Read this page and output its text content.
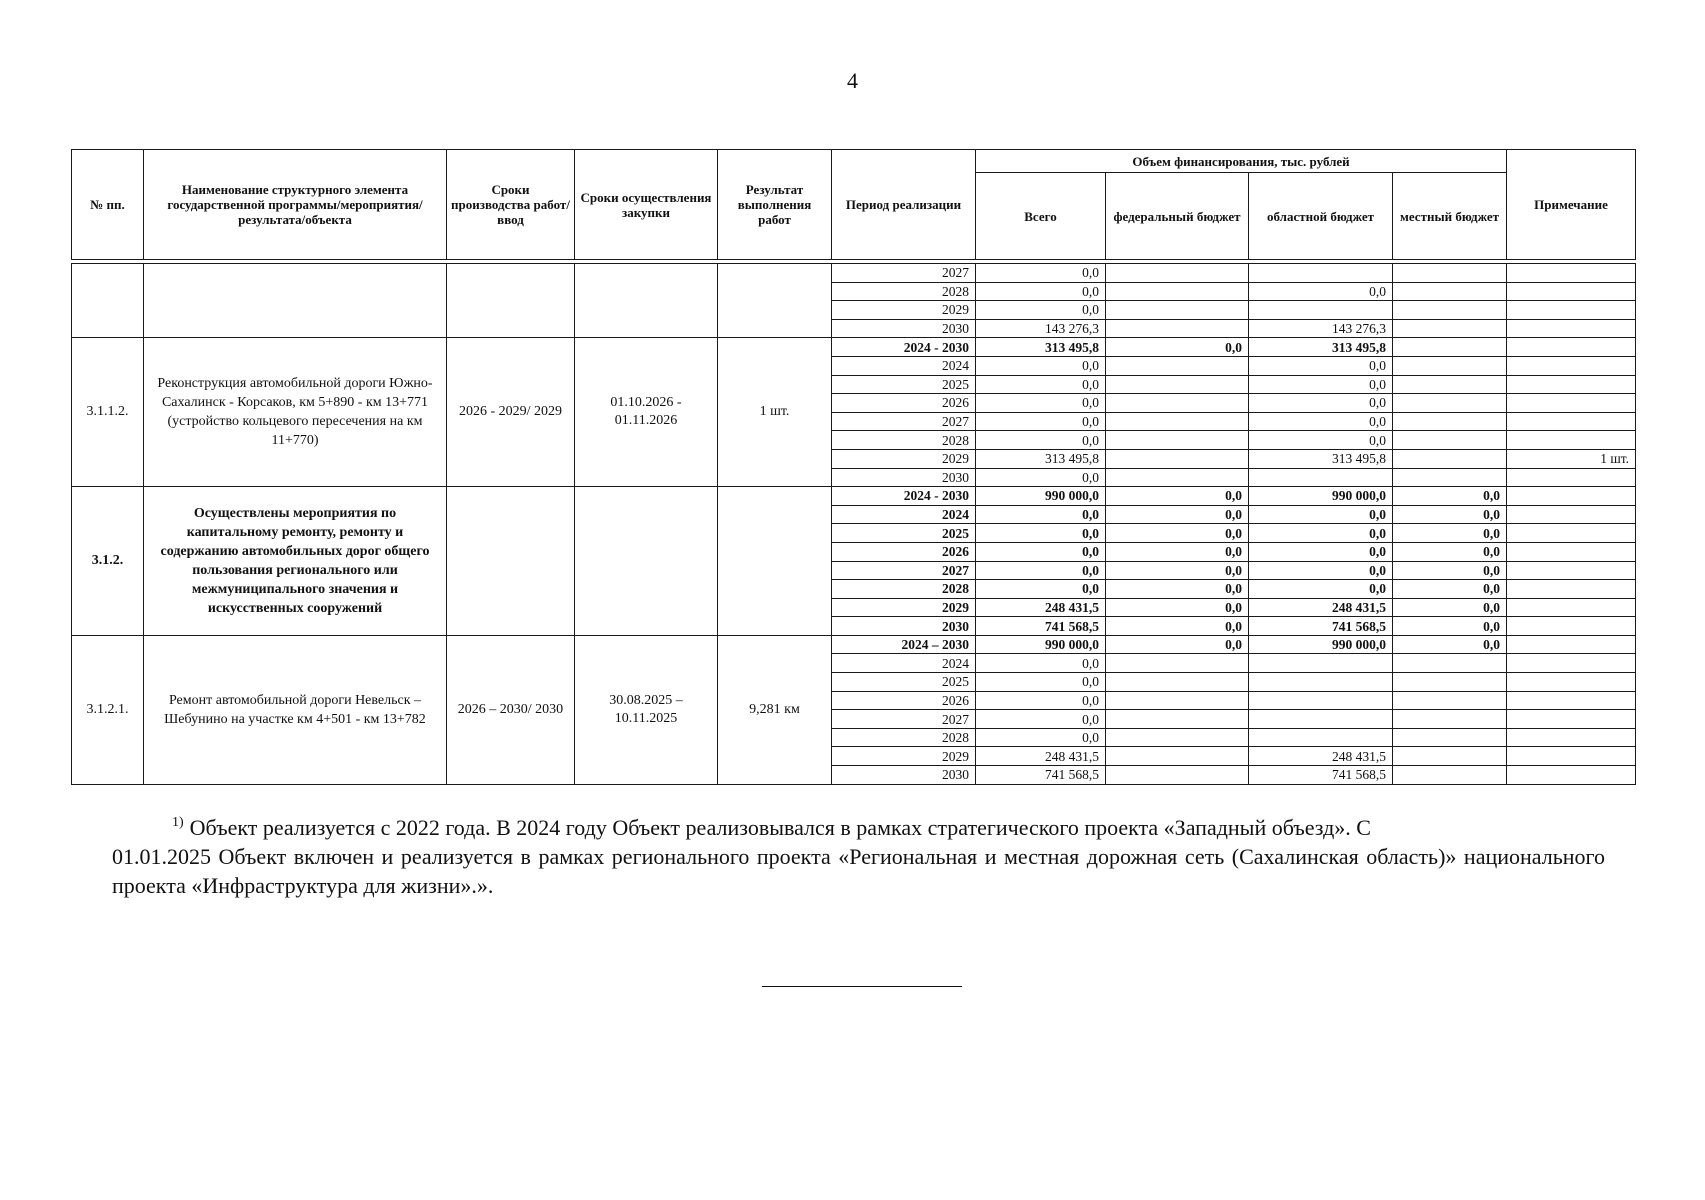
4
№ пп.	Наименование структурного элемента государственной программы/мероприятия/ результата/объекта	Сроки производства работ/ввод	Сроки осуществления закупки	Результат выполнения работ	Период реализации	Объем финансирования, тыс. рублей				Примечание
						Всего	федеральный бюджет	областной бюджет	местный бюджет	

					2027	0,0				
					2028	0,0		0,0		
					2029	0,0				
					2030	143 276,3		143 276,3		
3.1.1.2.	Реконструкция автомобильной дороги Южно-Сахалинск - Корсаков, км 5+890 - км 13+771 (устройство кольцевого пересечения на км 11+770)	2026 - 2029/ 2029	01.10.2026 - 01.11.2026	1 шт.	2024 - 2030	313 495,8	0,0	313 495,8		
					2024	0,0		0,0		
					2025	0,0		0,0		
					2026	0,0		0,0		
					2027	0,0		0,0		
					2028	0,0		0,0		
					2029	313 495,8		313 495,8		1 шт.
					2030	0,0				
3.1.2.	Осуществлены мероприятия по капитальному ремонту, ремонту и содержанию автомобильных дорог общего пользования регионального или межмуниципального значения и искусственных сооружений				2024 - 2030	990 000,0	0,0	990 000,0	0,0	
					2024	0,0	0,0	0,0	0,0	
					2025	0,0	0,0	0,0	0,0	
					2026	0,0	0,0	0,0	0,0	
					2027	0,0	0,0	0,0	0,0	
					2028	0,0	0,0	0,0	0,0	
					2029	248 431,5	0,0	248 431,5	0,0	
					2030	741 568,5	0,0	741 568,5	0,0	
3.1.2.1.	Ремонт автомобильной дороги Невельск – Шебунино на участке км 4+501 - км 13+782	2026 – 2030/ 2030	30.08.2025 – 10.11.2025	9,281 км	2024 – 2030	990 000,0	0,0	990 000,0	0,0	
					2024	0,0				
					2025	0,0				
					2026	0,0				
					2027	0,0				
					2028	0,0				
					2029	248 431,5		248 431,5		
					2030	741 568,5		741 568,5		
$^{1)}$ Объект реализуется с 2022 года. В 2024 году Объект реализовывался в рамках стратегического проекта «Западный объезд». С
01.01.2025 Объект включен и реализуется в рамках регионального проекта «Региональная и местная дорожная сеть (Сахалинская область)» национального проекта «Инфраструктура для жизни».».
